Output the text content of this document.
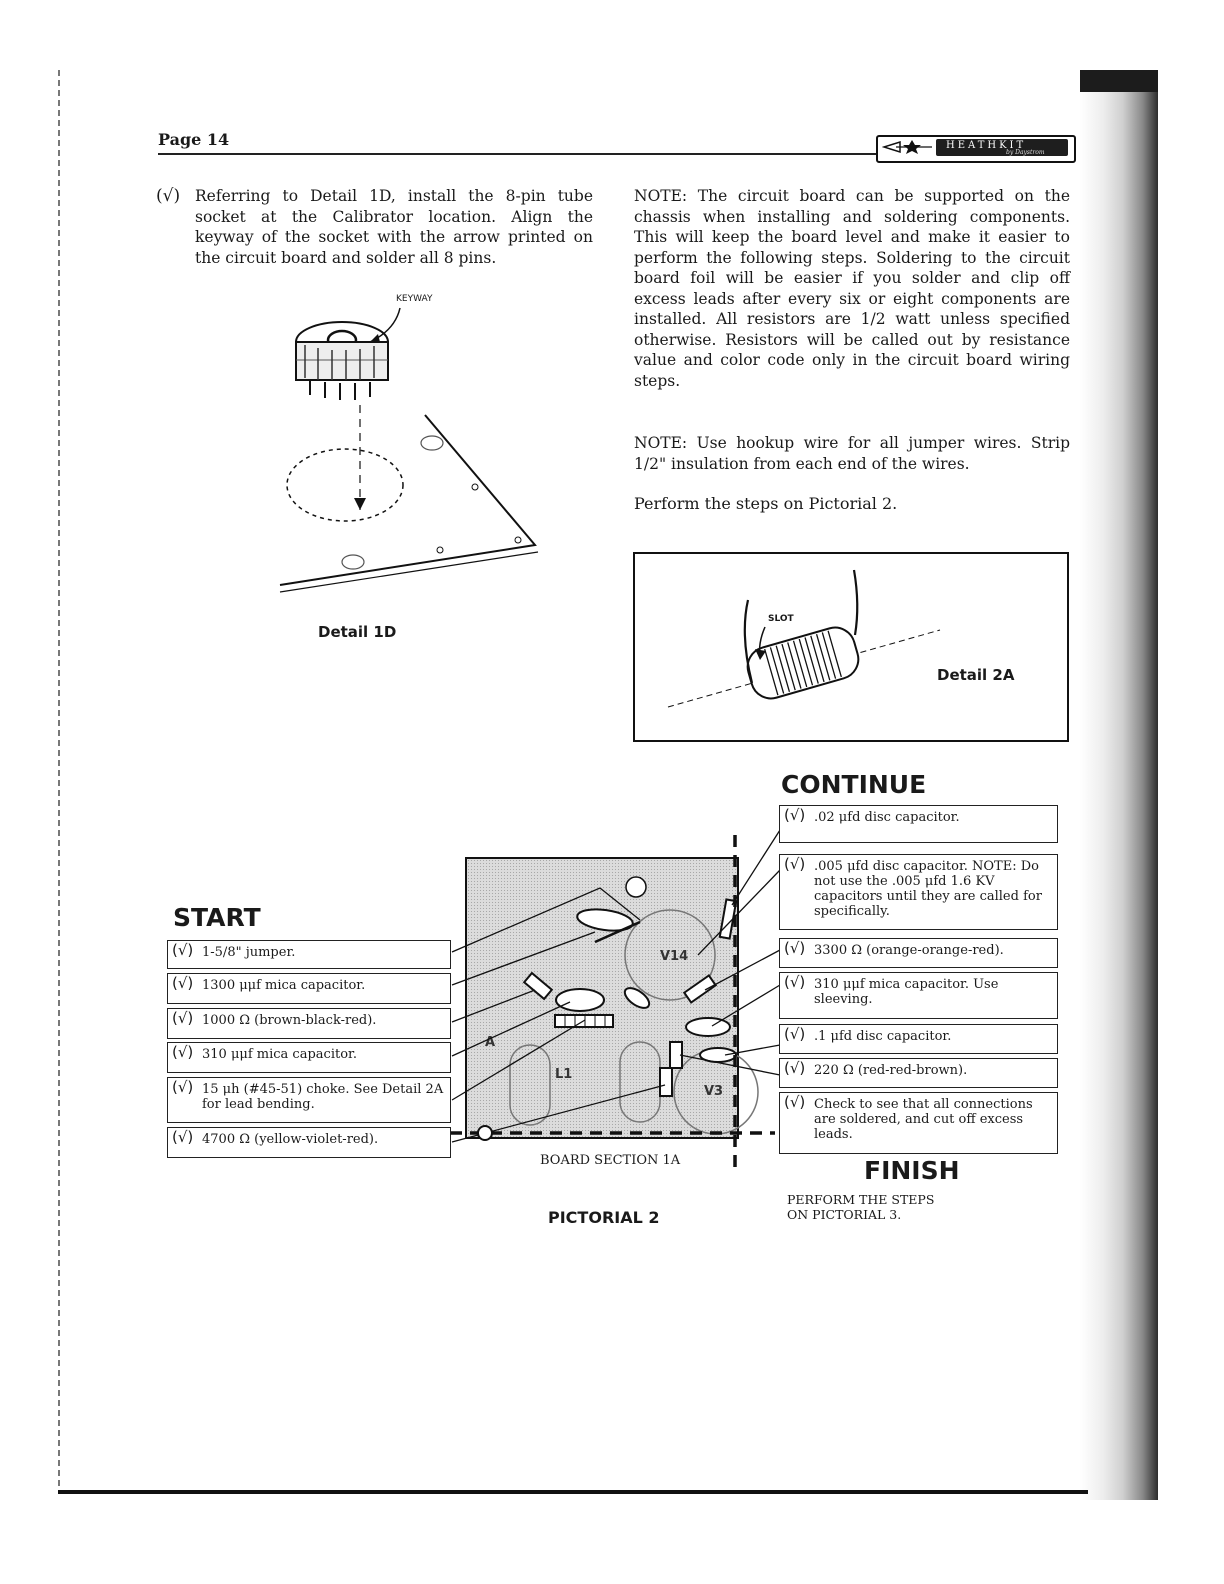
Page 14	HEATHKIT
by Daystrom
(√) Referring to Detail 1D, install the 8-pin tube socket at the Calibrator location. Align the keyway of the socket with the arrow printed on the circuit board and solder all 8 pins.
KEYWAY
Detail 1D
NOTE: The circuit board can be supported on the chassis when installing and soldering components. This will keep the board level and make it easier to perform the following steps. Soldering to the circuit board foil will be easier if you solder and clip off excess leads after every six or eight components are installed. All resistors are 1/2 watt unless specified otherwise. Resistors will be called out by resistance value and color code only in the circuit board wiring steps.
NOTE: Use hookup wire for all jumper wires. Strip 1/2" insulation from each end of the wires.
Perform the steps on Pictorial 2.
SLOT
Detail 2A
CONTINUE
START
V14
A
L1
V3
BOARD SECTION 1A
(√) 1-5/8" jumper.
(√) 1300 μμf mica capacitor.
(√) 1000 Ω (brown-black-red).
(√) 310 μμf mica capacitor.
(√) 15 μh (#45-51) choke. See Detail 2A for lead bending.
(√) 4700 Ω (yellow-violet-red).
(√) .02 μfd disc capacitor.
(√) .005 μfd disc capacitor. NOTE: Do not use the .005 μfd 1.6 KV capacitors until they are called for specifically.
(√) 3300 Ω (orange-orange-red).
(√) 310 μμf mica capacitor. Use sleeving.
(√) .1 μfd disc capacitor.
(√) 220 Ω (red-red-brown).
(√) Check to see that all connections are soldered, and cut off excess leads.
FINISH
PERFORM THE STEPS
ON PICTORIAL 3.
PICTORIAL 2
